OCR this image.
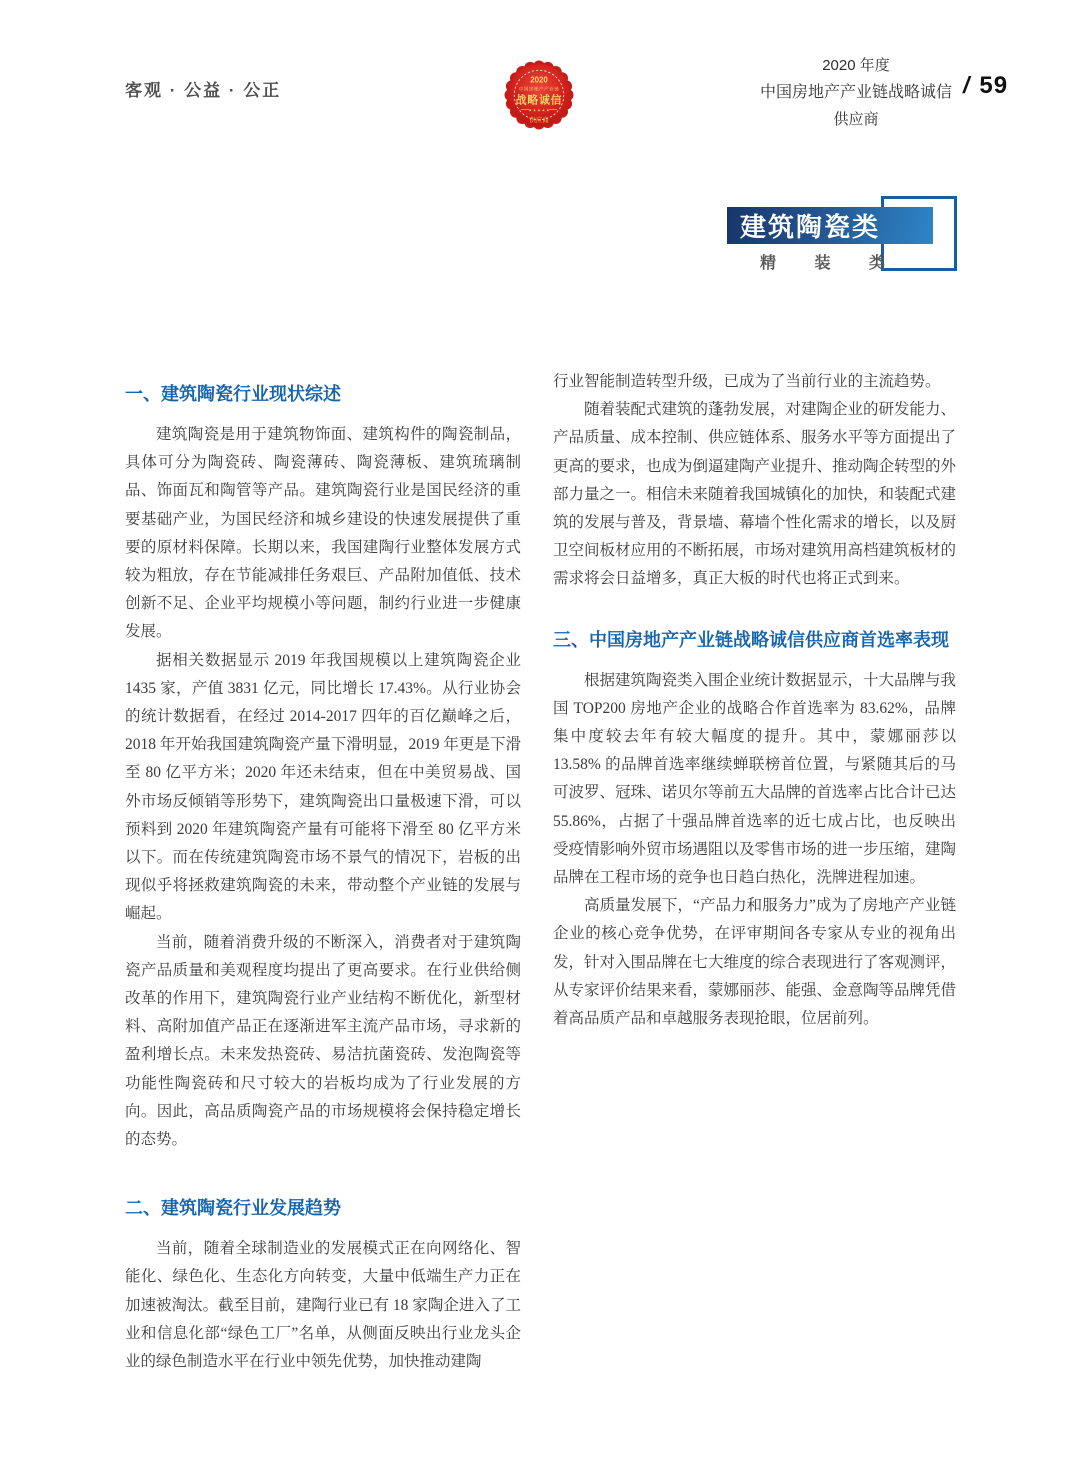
客观 · 公益 · 公正
2020
中国房地产产业链
战略诚信
★ ★ ★ ★ ★
供应商
2020 年度
中国房地产产业链战略诚信
供应商
/ 59
建筑陶瓷类
精 装 类
一、建筑陶瓷行业现状综述

建筑陶瓷是用于建筑物饰面、建筑构件的陶瓷制品，具体可分为陶瓷砖、陶瓷薄砖、陶瓷薄板、建筑琉璃制品、饰面瓦和陶管等产品。建筑陶瓷行业是国民经济的重要基础产业，为国民经济和城乡建设的快速发展提供了重要的原材料保障。长期以来，我国建陶行业整体发展方式较为粗放，存在节能减排任务艰巨、产品附加值低、技术创新不足、企业平均规模小等问题，制约行业进一步健康发展。

据相关数据显示 2019 年我国规模以上建筑陶瓷企业 1435 家，产值 3831 亿元，同比增长 17.43%。从行业协会的统计数据看，在经过 2014-2017 四年的百亿巅峰之后，2018 年开始我国建筑陶瓷产量下滑明显，2019 年更是下滑至 80 亿平方米；2020 年还未结束，但在中美贸易战、国外市场反倾销等形势下，建筑陶瓷出口量极速下滑，可以预料到 2020 年建筑陶瓷产量有可能将下滑至 80 亿平方米以下。而在传统建筑陶瓷市场不景气的情况下，岩板的出现似乎将拯救建筑陶瓷的未来，带动整个产业链的发展与崛起。

当前，随着消费升级的不断深入，消费者对于建筑陶瓷产品质量和美观程度均提出了更高要求。在行业供给侧改革的作用下，建筑陶瓷行业产业结构不断优化，新型材料、高附加值产品正在逐渐进军主流产品市场，寻求新的盈利增长点。未来发热瓷砖、易洁抗菌瓷砖、发泡陶瓷等功能性陶瓷砖和尺寸较大的岩板均成为了行业发展的方向。因此，高品质陶瓷产品的市场规模将会保持稳定增长的态势。

二、建筑陶瓷行业发展趋势

当前，随着全球制造业的发展模式正在向网络化、智能化、绿色化、生态化方向转变，大量中低端生产力正在加速被淘汰。截至目前，建陶行业已有 18 家陶企进入了工业和信息化部“绿色工厂”名单，从侧面反映出行业龙头企业的绿色制造水平在行业中领先优势，加快推动建陶

行业智能制造转型升级，已成为了当前行业的主流趋势。

随着装配式建筑的蓬勃发展，对建陶企业的研发能力、产品质量、成本控制、供应链体系、服务水平等方面提出了更高的要求，也成为倒逼建陶产业提升、推动陶企转型的外部力量之一。相信未来随着我国城镇化的加快，和装配式建筑的发展与普及，背景墙、幕墙个性化需求的增长，以及厨卫空间板材应用的不断拓展，市场对建筑用高档建筑板材的需求将会日益增多，真正大板的时代也将正式到来。

三、中国房地产产业链战略诚信供应商首选率表现

根据建筑陶瓷类入围企业统计数据显示，十大品牌与我国 TOP200 房地产企业的战略合作首选率为 83.62%，品牌集中度较去年有较大幅度的提升。其中，蒙娜丽莎以 13.58% 的品牌首选率继续蝉联榜首位置，与紧随其后的马可波罗、冠珠、诺贝尔等前五大品牌的首选率占比合计已达 55.86%，占据了十强品牌首选率的近七成占比，也反映出受疫情影响外贸市场遇阻以及零售市场的进一步压缩，建陶品牌在工程市场的竞争也日趋白热化，洗牌进程加速。

高质量发展下，“产品力和服务力”成为了房地产产业链企业的核心竞争优势，在评审期间各专家从专业的视角出发，针对入围品牌在七大维度的综合表现进行了客观测评，从专家评价结果来看，蒙娜丽莎、能强、金意陶等品牌凭借着高品质产品和卓越服务表现抢眼，位居前列。
